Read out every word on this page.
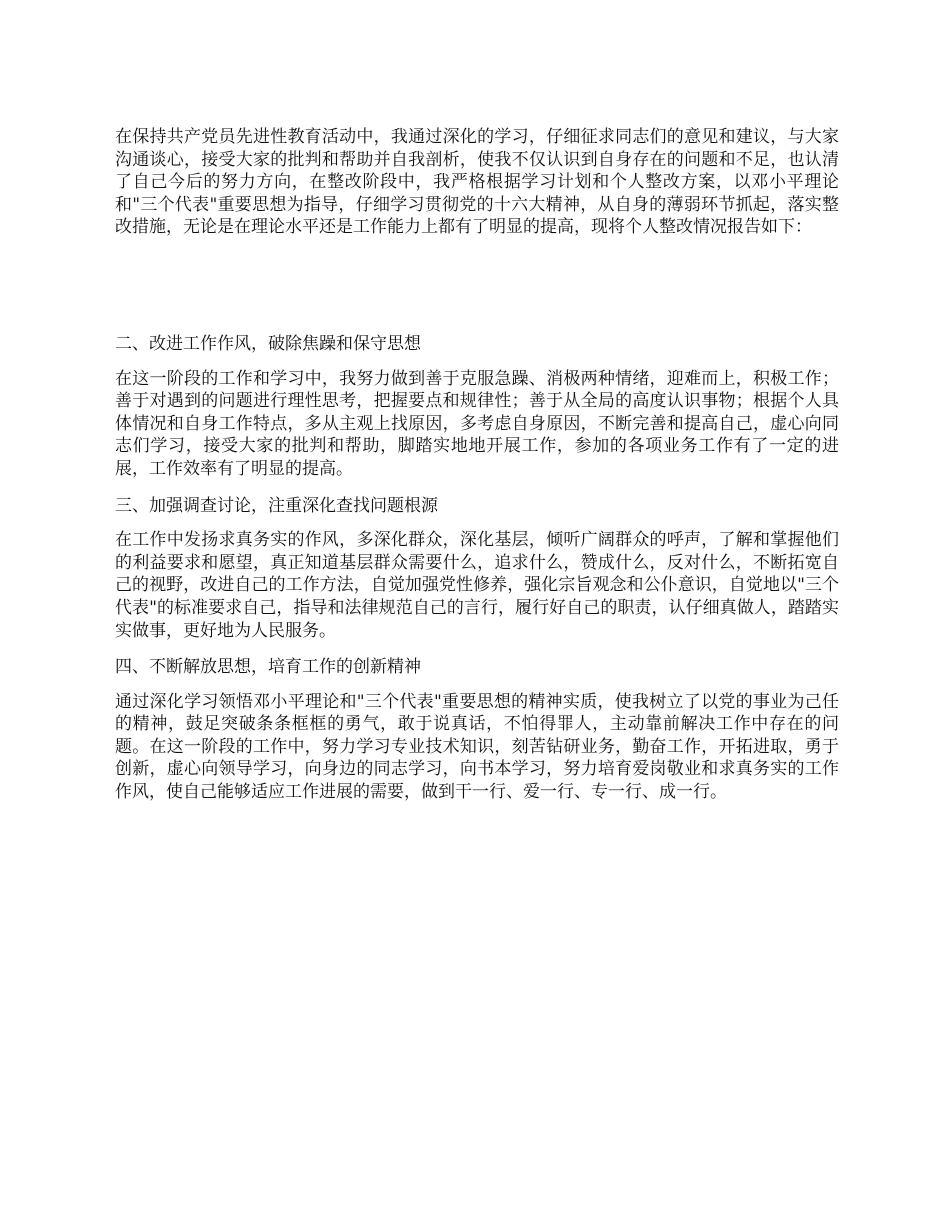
在保持共产党员先进性教育活动中，我通过深化的学习，仔细征求同志们的意见和建议，与大家沟通谈心，接受大家的批判和帮助并自我剖析，使我不仅认识到自身存在的问题和不足，也认清了自己今后的努力方向，在整改阶段中，我严格根据学习计划和个人整改方案，以邓小平理论和"三个代表"重要思想为指导，仔细学习贯彻党的十六大精神，从自身的薄弱环节抓起，落实整改措施，无论是在理论水平还是工作能力上都有了明显的提高，现将个人整改情况报告如下：

二、改进工作作风，破除焦躁和保守思想

在这一阶段的工作和学习中，我努力做到善于克服急躁、消极两种情绪，迎难而上，积极工作；善于对遇到的问题进行理性思考，把握要点和规律性；善于从全局的高度认识事物；根据个人具体情况和自身工作特点，多从主观上找原因，多考虑自身原因，不断完善和提高自己，虚心向同志们学习，接受大家的批判和帮助，脚踏实地地开展工作，参加的各项业务工作有了一定的进展，工作效率有了明显的提高。

三、加强调查讨论，注重深化查找问题根源

在工作中发扬求真务实的作风，多深化群众，深化基层，倾听广阔群众的呼声，了解和掌握他们的利益要求和愿望，真正知道基层群众需要什么，追求什么，赞成什么，反对什么，不断拓宽自己的视野，改进自己的工作方法，自觉加强党性修养，强化宗旨观念和公仆意识，自觉地以"三个代表"的标准要求自己，指导和法律规范自己的言行，履行好自己的职责，认仔细真做人，踏踏实实做事，更好地为人民服务。

四、不断解放思想，培育工作的创新精神

通过深化学习领悟邓小平理论和"三个代表"重要思想的精神实质，使我树立了以党的事业为己任的精神，鼓足突破条条框框的勇气，敢于说真话，不怕得罪人，主动靠前解决工作中存在的问题。在这一阶段的工作中，努力学习专业技术知识，刻苦钻研业务，勤奋工作，开拓进取，勇于创新，虚心向领导学习，向身边的同志学习，向书本学习，努力培育爱岗敬业和求真务实的工作作风，使自己能够适应工作进展的需要，做到干一行、爱一行、专一行、成一行。
